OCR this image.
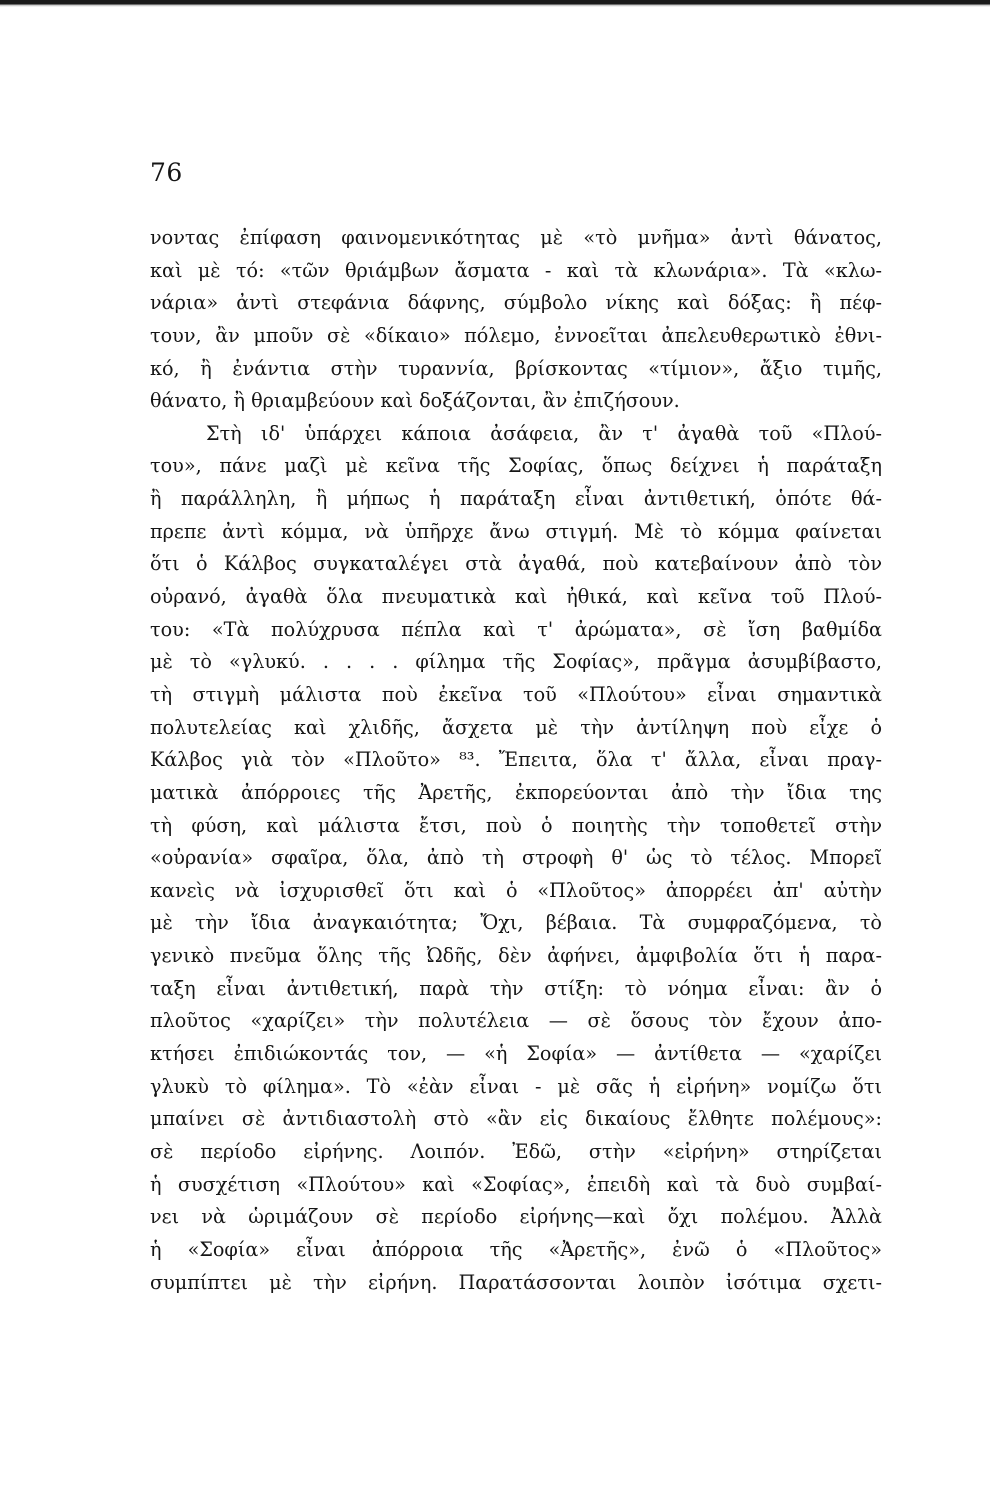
76
νοντας ἐπίφαση φαινομενικότητας μὲ «τὸ μνῆμα» ἀντὶ θάνατος,
καὶ μὲ τό: «τῶν θριάμβων ἄσματα - καὶ τὰ κλωνάρια». Τὰ «κλω-
νάρια» ἀντὶ στεφάνια δάφνης, σύμβολο νίκης καὶ δόξας: ἢ πέφ-
τουν, ἂν μποῦν σὲ «δίκαιο» πόλεμο, ἐννοεῖται ἀπελευθερωτικὸ ἐθνι-
κό, ἢ ἐνάντια στὴν τυραννία, βρίσκοντας «τίμιον», ἄξιο τιμῆς,
θάνατο, ἢ θριαμβεύουν καὶ δοξάζονται, ἂν ἐπιζήσουν.
Στὴ ιδ' ὑπάρχει κάποια ἀσάφεια, ἂν τ' ἀγαθὰ τοῦ «Πλού-
του», πάνε μαζὶ μὲ κεῖνα τῆς Σοφίας, ὅπως δείχνει ἡ παράταξη
ἢ παράλληλη, ἢ μήπως ἡ παράταξη εἶναι ἀντιθετική, ὁπότε θά-
πρεπε ἀντὶ κόμμα, νὰ ὑπῆρχε ἄνω στιγμή. Μὲ τὸ κόμμα φαίνεται
ὅτι ὁ Κάλβος συγκαταλέγει στὰ ἀγαθά, ποὺ κατεβαίνουν ἀπὸ τὸν
οὐρανό, ἀγαθὰ ὅλα πνευματικὰ καὶ ἠθικά, καὶ κεῖνα τοῦ Πλού-
του: «Τὰ πολύχρυσα πέπλα καὶ τ' ἀρώματα», σὲ ἴση βαθμίδα
μὲ τὸ «γλυκύ. . . . . φίλημα τῆς Σοφίας», πρᾶγμα ἀσυμβίβαστο,
τὴ στιγμὴ μάλιστα ποὺ ἐκεῖνα τοῦ «Πλούτου» εἶναι σημαντικὰ
πολυτελείας καὶ χλιδῆς, ἄσχετα μὲ τὴν ἀντίληψη ποὺ εἶχε ὁ
Κάλβος γιὰ τὸν «Πλοῦτο» ⁸³. Ἔπειτα, ὅλα τ' ἄλλα, εἶναι πραγ-
ματικὰ ἀπόρροιες τῆς Ἀρετῆς, ἐκπορεύονται ἀπὸ τὴν ἴδια της
τὴ φύση, καὶ μάλιστα ἔτσι, ποὺ ὁ ποιητὴς τὴν τοποθετεῖ στὴν
«οὐρανία» σφαῖρα, ὅλα, ἀπὸ τὴ στροφὴ θ' ὡς τὸ τέλος. Μπορεῖ
κανεὶς νὰ ἰσχυρισθεῖ ὅτι καὶ ὁ «Πλοῦτος» ἀπορρέει ἀπ' αὐτὴν
μὲ τὴν ἴδια ἀναγκαιότητα; Ὄχι, βέβαια. Τὰ συμφραζόμενα, τὸ
γενικὸ πνεῦμα ὅλης τῆς Ὠδῆς, δὲν ἀφήνει, ἀμφιβολία ὅτι ἡ παρα-
ταξη εἶναι ἀντιθετική, παρὰ τὴν στίξη: τὸ νόημα εἶναι: ἂν ὁ
πλοῦτος «χαρίζει» τὴν πολυτέλεια — σὲ ὅσους τὸν ἔχουν ἀπο-
κτήσει ἐπιδιώκοντάς τον, — «ἡ Σοφία» — ἀντίθετα — «χαρίζει
γλυκὺ τὸ φίλημα». Τὸ «ἐὰν εἶναι - μὲ σᾶς ἡ εἰρήνη» νομίζω ὅτι
μπαίνει σὲ ἀντιδιαστολὴ στὸ «ἂν εἰς δικαίους ἔλθητε πολέμους»:
σὲ περίοδο εἰρήνης. Λοιπόν. Ἐδῶ, στὴν «εἰρήνη» στηρίζεται
ἡ συσχέτιση «Πλούτου» καὶ «Σοφίας», ἐπειδὴ καὶ τὰ δυὸ συμβαί-
νει νὰ ὡριμάζουν σὲ περίοδο εἰρήνης—καὶ ὄχι πολέμου. Ἀλλὰ
ἡ «Σοφία» εἶναι ἀπόρροια τῆς «Ἀρετῆς», ἐνῶ ὁ «Πλοῦτος»
συμπίπτει μὲ τὴν εἰρήνη. Παρατάσσονται λοιπὸν ἰσότιμα σχετι-
